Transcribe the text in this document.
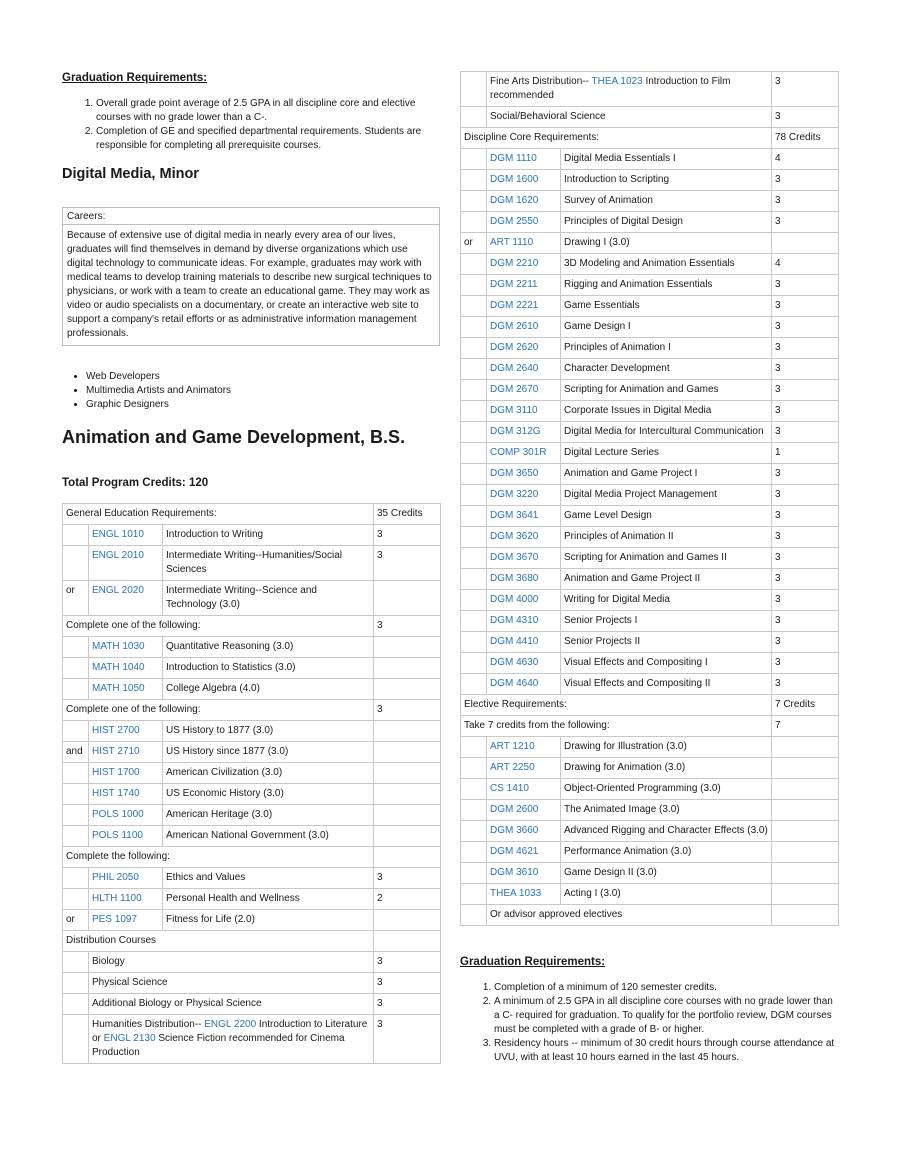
Graduation Requirements:

1. Overall grade point average of 2.5 GPA in all discipline core and elective courses with no grade lower than a C-.
2. Completion of GE and specified departmental requirements. Students are responsible for completing all prerequisite courses.
Digital Media, Minor
Careers:
Because of extensive use of digital media in nearly every area of our lives, graduates will find themselves in demand by diverse organizations which use digital technology to communicate ideas. For example, graduates may work with medical teams to develop training materials to describe new surgical techniques to physicians, or work with a team to create an educational game. They may work as video or audio specialists on a documentary, or create an interactive web site to support a company's retail efforts or as administrative information management professionals.
• Web Developers
• Multimedia Artists and Animators
• Graphic Designers
Animation and Game Development, B.S.

Total Program Credits: 120

General Education Requirements:			35 Credits
	ENGL 1010	Introduction to Writing	3
	ENGL 2010	Intermediate Writing--Humanities/Social Sciences	3
or	ENGL 2020	Intermediate Writing--Science and Technology (3.0)	
Complete one of the following:			3
	MATH 1030	Quantitative Reasoning (3.0)	
	MATH 1040	Introduction to Statistics (3.0)	
	MATH 1050	College Algebra (4.0)	
Complete one of the following:			3
	HIST 2700	US History to 1877 (3.0)	
and	HIST 2710	US History since 1877 (3.0)	
	HIST 1700	American Civilization (3.0)	
	HIST 1740	US Economic History (3.0)	
	POLS 1000	American Heritage (3.0)	
	POLS 1100	American National Government (3.0)	
Complete the following:			
	PHIL 2050	Ethics and Values	3
	HLTH 1100	Personal Health and Wellness	2
or	PES 1097	Fitness for Life (2.0)	
Distribution Courses			
	Biology		3
	Physical Science		3
	Additional Biology or Physical Science		3
	Humanities Distribution-- ENGL 2200 Introduction to Literature or ENGL 2130 Science Fiction recommended for Cinema Production		3
	Fine Arts Distribution-- THEA 1023 Introduction to Film recommended		3
	Social/Behavioral Science		3
Discipline Core Requirements:			78 Credits
	DGM 1110	Digital Media Essentials I	4
	DGM 1600	Introduction to Scripting	3
	DGM 1620	Survey of Animation	3
	DGM 2550	Principles of Digital Design	3
or	ART 1110	Drawing I (3.0)	
	DGM 2210	3D Modeling and Animation Essentials	4
	DGM 2211	Rigging and Animation Essentials	3
	DGM 2221	Game Essentials	3
	DGM 2610	Game Design I	3
	DGM 2620	Principles of Animation I	3
	DGM 2640	Character Development	3
	DGM 2670	Scripting for Animation and Games	3
	DGM 3110	Corporate Issues in Digital Media	3
	DGM 312G	Digital Media for Intercultural Communication	3
	COMP 301R	Digital Lecture Series	1
	DGM 3650	Animation and Game Project I	3
	DGM 3220	Digital Media Project Management	3
	DGM 3641	Game Level Design	3
	DGM 3620	Principles of Animation II	3
	DGM 3670	Scripting for Animation and Games II	3
	DGM 3680	Animation and Game Project II	3
	DGM 4000	Writing for Digital Media	3
	DGM 4310	Senior Projects I	3
	DGM 4410	Senior Projects II	3
	DGM 4630	Visual Effects and Compositing I	3
	DGM 4640	Visual Effects and Compositing II	3
Elective Requirements:			7 Credits
Take 7 credits from the following:			7
	ART 1210	Drawing for Illustration (3.0)	
	ART 2250	Drawing for Animation (3.0)	
	CS 1410	Object-Oriented Programming (3.0)	
	DGM 2600	The Animated Image (3.0)	
	DGM 3660	Advanced Rigging and Character Effects (3.0)	
	DGM 4621	Performance Animation (3.0)	
	DGM 3610	Game Design II (3.0)	
	THEA 1033	Acting I (3.0)	
	Or advisor approved electives		

Graduation Requirements:

1. Completion of a minimum of 120 semester credits.
2. A minimum of 2.5 GPA in all discipline core courses with no grade lower than a C- required for graduation. To qualify for the portfolio review, DGM courses must be completed with a grade of B- or higher.
3. Residency hours -- minimum of 30 credit hours through course attendance at UVU, with at least 10 hours earned in the last 45 hours.
